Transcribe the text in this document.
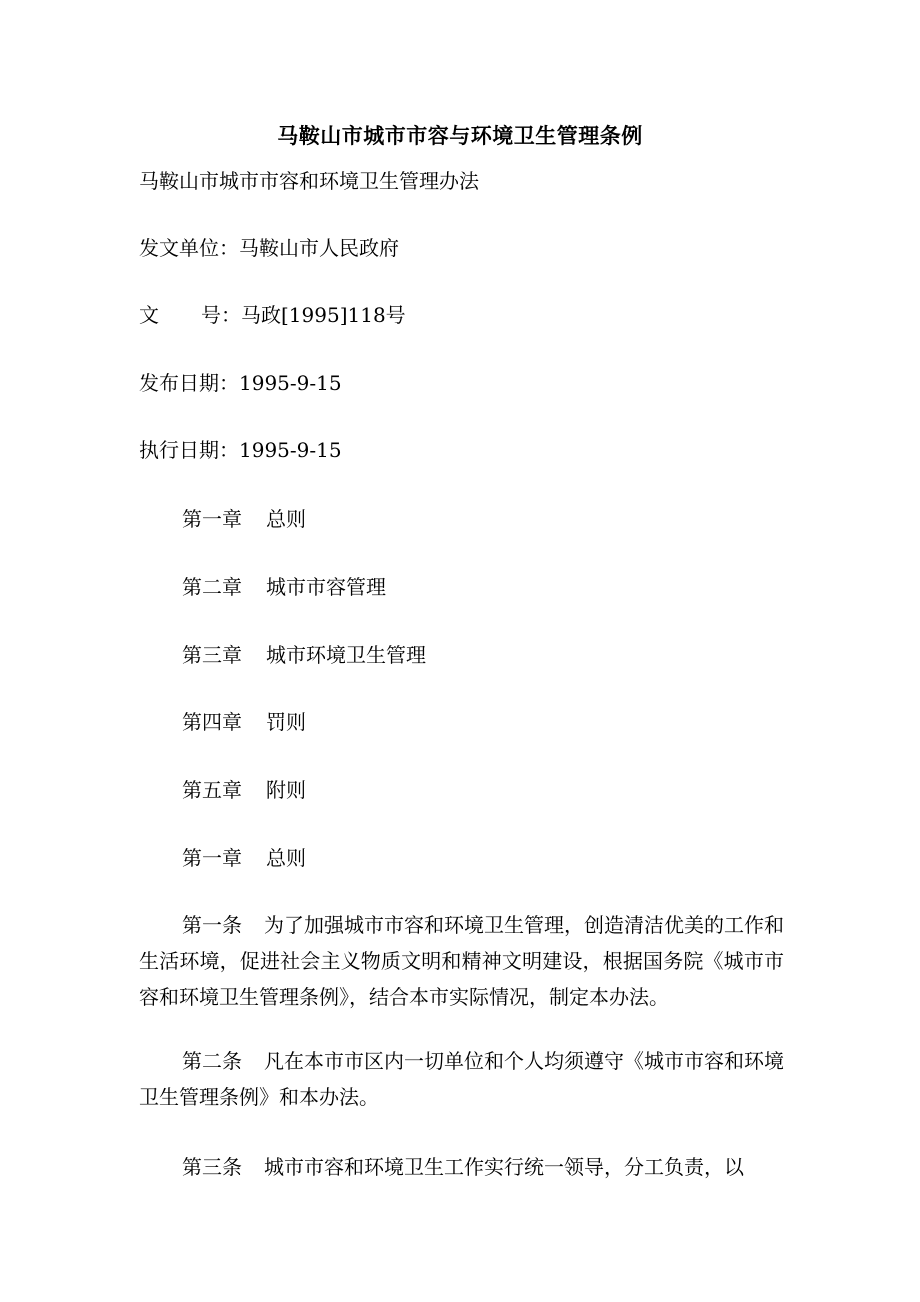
马鞍山市城市市容与环境卫生管理条例
马鞍山市城市市容和环境卫生管理办法
发文单位：马鞍山市人民政府
文 号：马政[1995]118号
发布日期：1995-9-15
执行日期：1995-9-15
第一章 总则
第二章 城市市容管理
第三章 城市环境卫生管理
第四章 罚则
第五章 附则
第一章 总则
第一条 为了加强城市市容和环境卫生管理，创造清洁优美的工作和生活环境，促进社会主义物质文明和精神文明建设，根据国务院《城市市容和环境卫生管理条例》，结合本市实际情况，制定本办法。
第二条 凡在本市市区内一切单位和个人均须遵守《城市市容和环境卫生管理条例》和本办法。
第三条 城市市容和环境卫生工作实行统一领导，分工负责，以
